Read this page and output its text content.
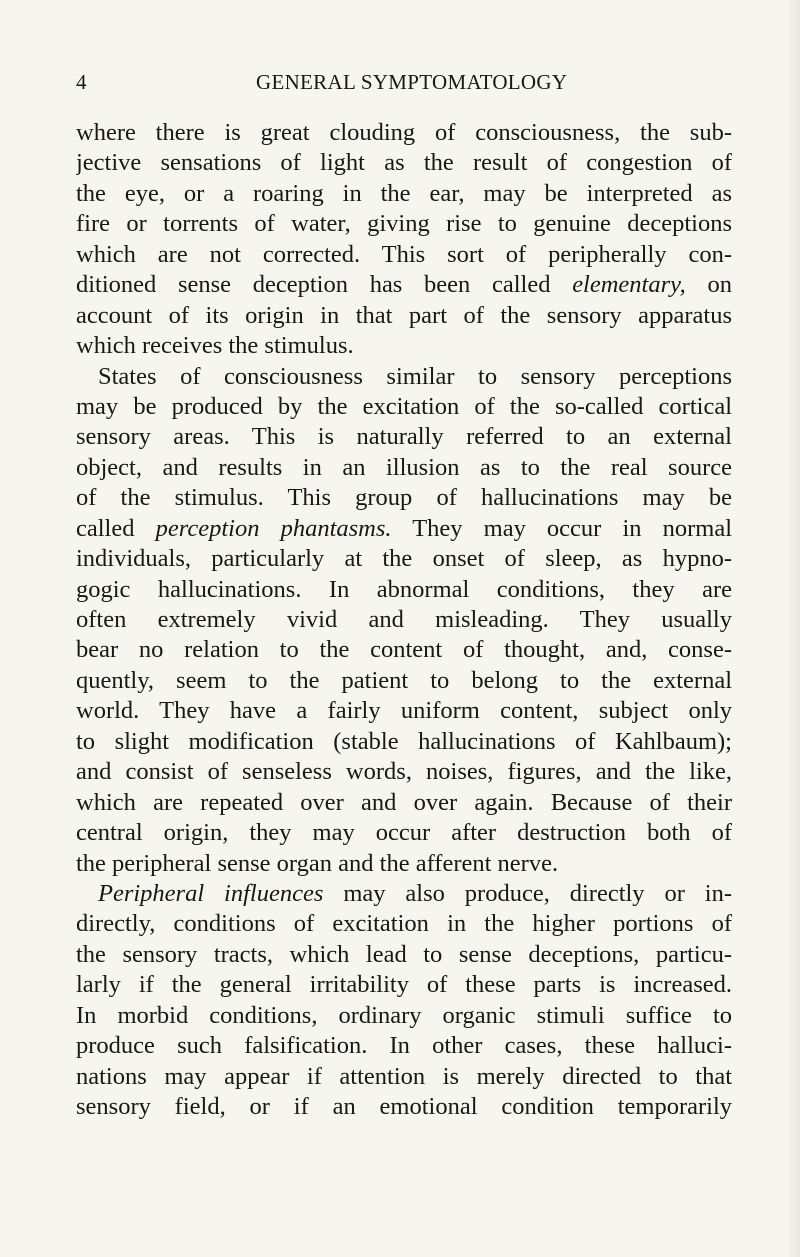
4	GENERAL SYMPTOMATOLOGY
where there is great clouding of consciousness, the sub-
jective sensations of light as the result of congestion of
the eye, or a roaring in the ear, may be interpreted as
fire or torrents of water, giving rise to genuine deceptions
which are not corrected. This sort of peripherally con-
ditioned sense deception has been called elementary, on
account of its origin in that part of the sensory apparatus
which receives the stimulus.
States of consciousness similar to sensory perceptions
may be produced by the excitation of the so-called cortical
sensory areas. This is naturally referred to an external
object, and results in an illusion as to the real source
of the stimulus. This group of hallucinations may be
called perception phantasms. They may occur in normal
individuals, particularly at the onset of sleep, as hypno-
gogic hallucinations. In abnormal conditions, they are
often extremely vivid and misleading. They usually
bear no relation to the content of thought, and, conse-
quently, seem to the patient to belong to the external
world. They have a fairly uniform content, subject only
to slight modification (stable hallucinations of Kahlbaum);
and consist of senseless words, noises, figures, and the like,
which are repeated over and over again. Because of their
central origin, they may occur after destruction both of
the peripheral sense organ and the afferent nerve.
Peripheral influences may also produce, directly or in-
directly, conditions of excitation in the higher portions of
the sensory tracts, which lead to sense deceptions, particu-
larly if the general irritability of these parts is increased.
In morbid conditions, ordinary organic stimuli suffice to
produce such falsification. In other cases, these halluci-
nations may appear if attention is merely directed to that
sensory field, or if an emotional condition temporarily
